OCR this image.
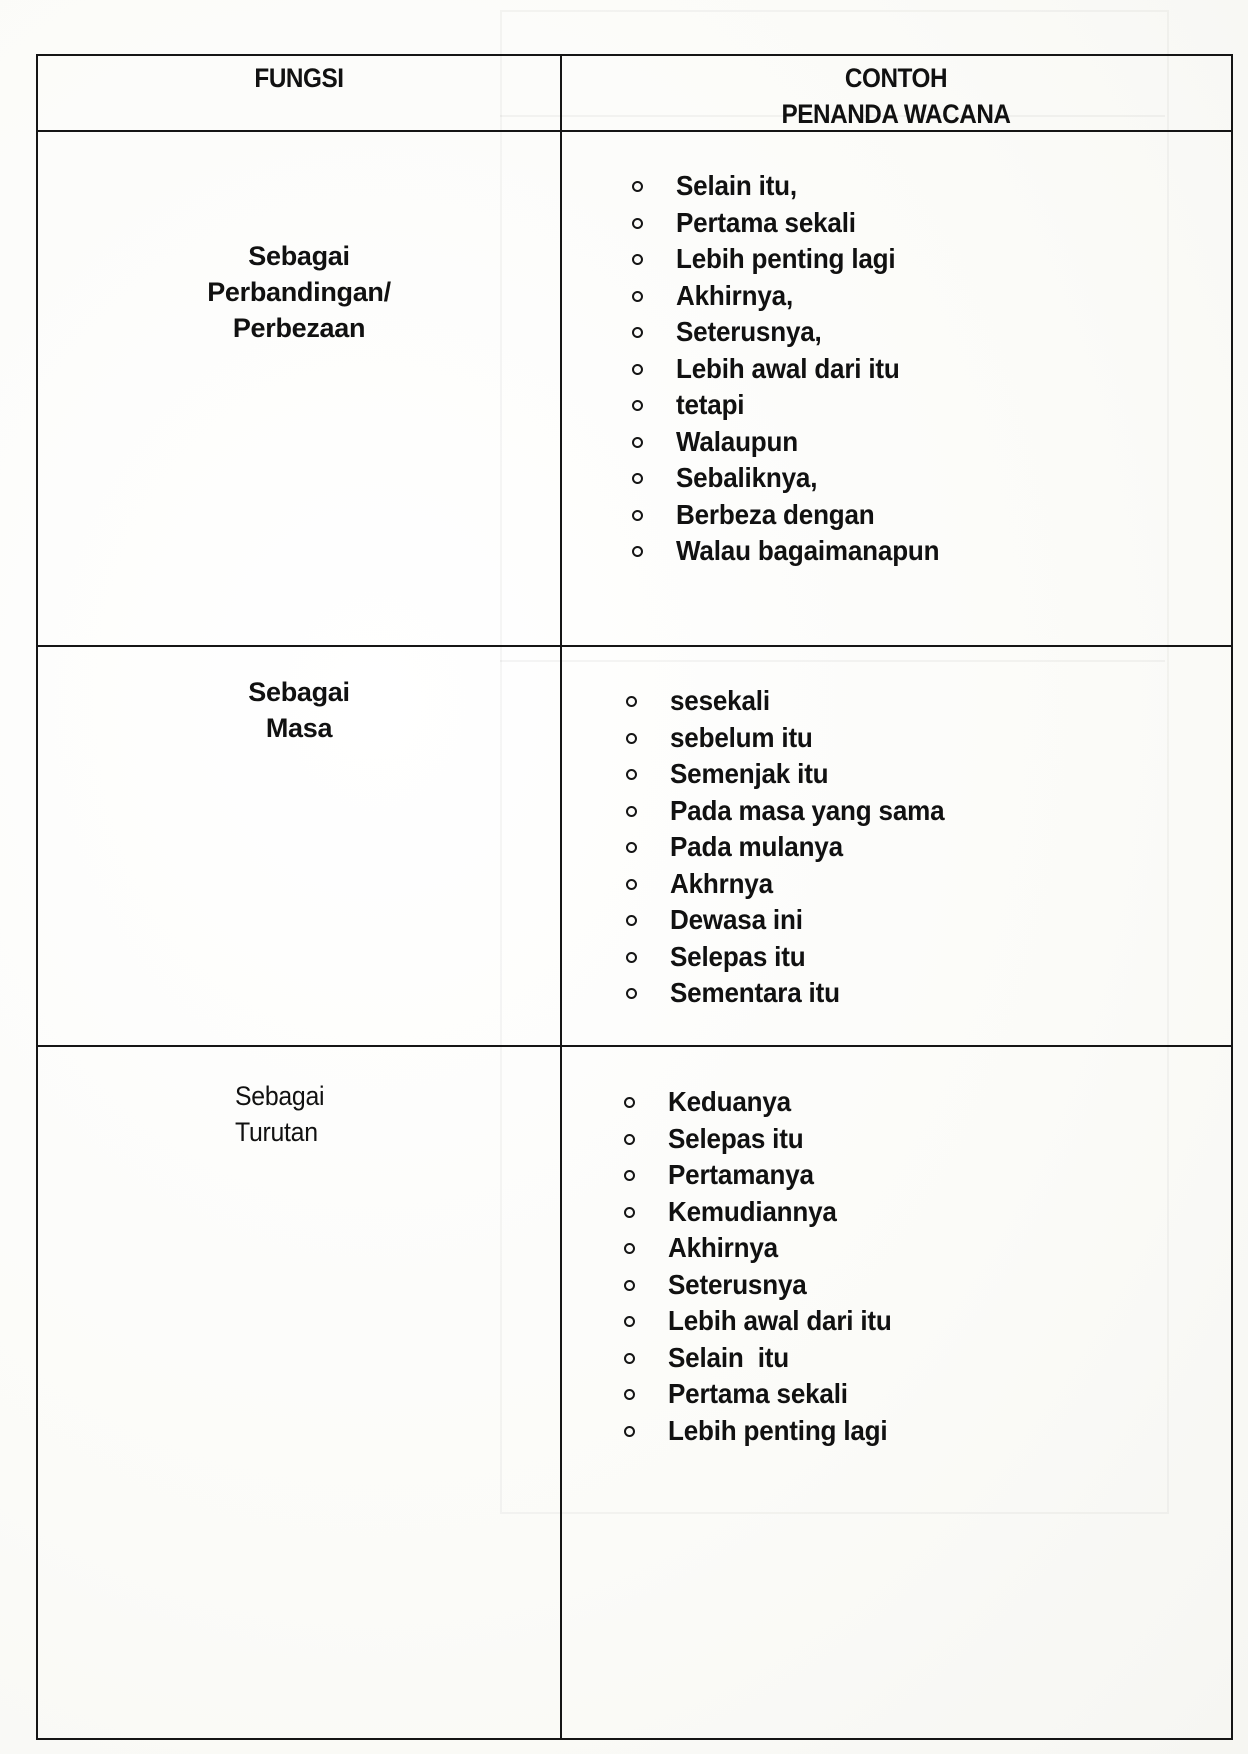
FUNGSI	CONTOH
PENANDA WACANA
Sebagai
Perbandingan/
Perbezaan
Selain itu,
Pertama sekali
Lebih penting lagi
Akhirnya,
Seterusnya,
Lebih awal dari itu
tetapi
Walaupun
Sebaliknya,
Berbeza dengan
Walau bagaimanapun
Sebagai
Masa
sesekali
sebelum itu
Semenjak itu
Pada masa yang sama
Pada mulanya
Akhrnya
Dewasa ini
Selepas itu
Sementara itu
Sebagai
Turutan
Keduanya
Selepas itu
Pertamanya
Kemudiannya
Akhirnya
Seterusnya
Lebih awal dari itu
Selain  itu
Pertama sekali
Lebih penting lagi
